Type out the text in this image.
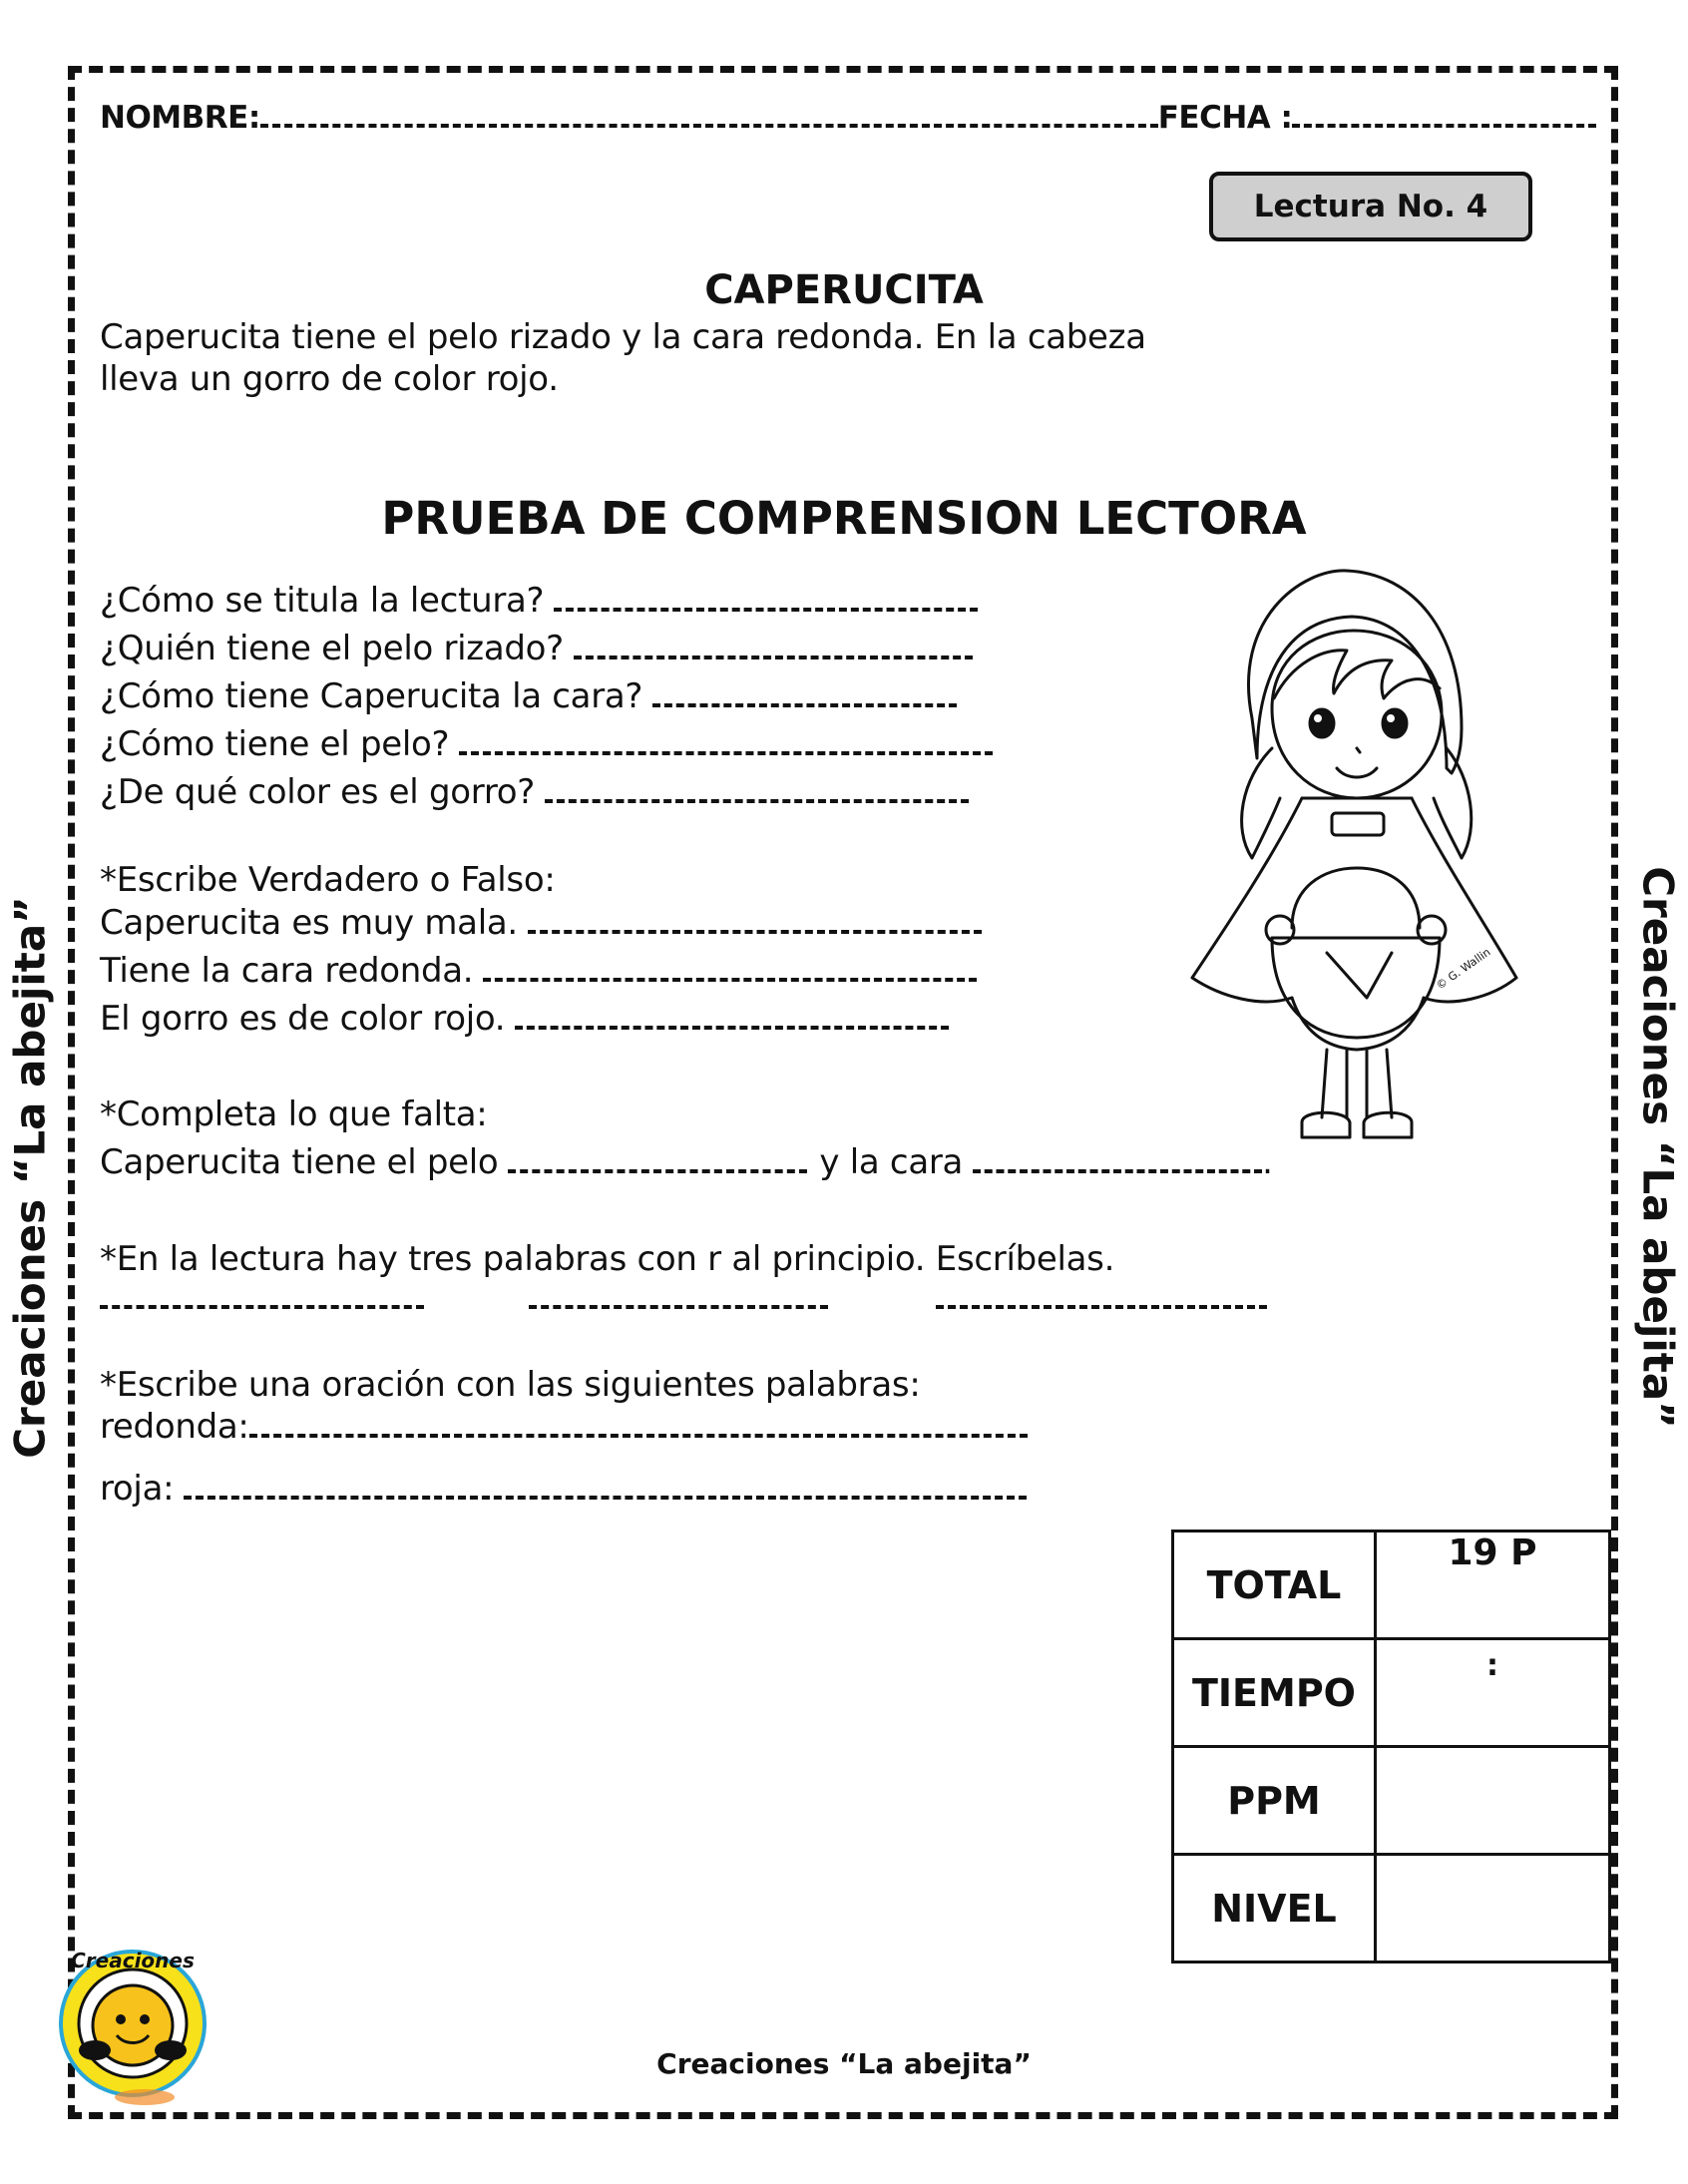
NOMBRE:	FECHA :
Lectura No. 4
CAPERUCITA
Caperucita tiene el pelo rizado y la cara redonda. En la cabeza
lleva un gorro de color rojo.
PRUEBA DE COMPRENSION LECTORA
¿Cómo se titula la lectura?
¿Quién tiene el pelo rizado?
¿Cómo tiene Caperucita la cara?
¿Cómo tiene el pelo?
¿De qué color es el gorro?
*Escribe Verdadero o Falso:
Caperucita es muy mala.
Tiene la cara redonda.
El gorro es de color rojo.
*Completa lo que falta:
Caperucita tiene el pelo	y la cara	.
*En la lectura hay tres palabras con r al principio. Escríbelas.
*Escribe una oración con las siguientes palabras:
redonda:
roja:
© G. Wallin
TOTAL	19 P

TIEMPO	:

PPM	
NIVEL	
Creaciones “La abejita”	Creaciones “La abejita”
Creaciones “La abejita”
Creaciones
